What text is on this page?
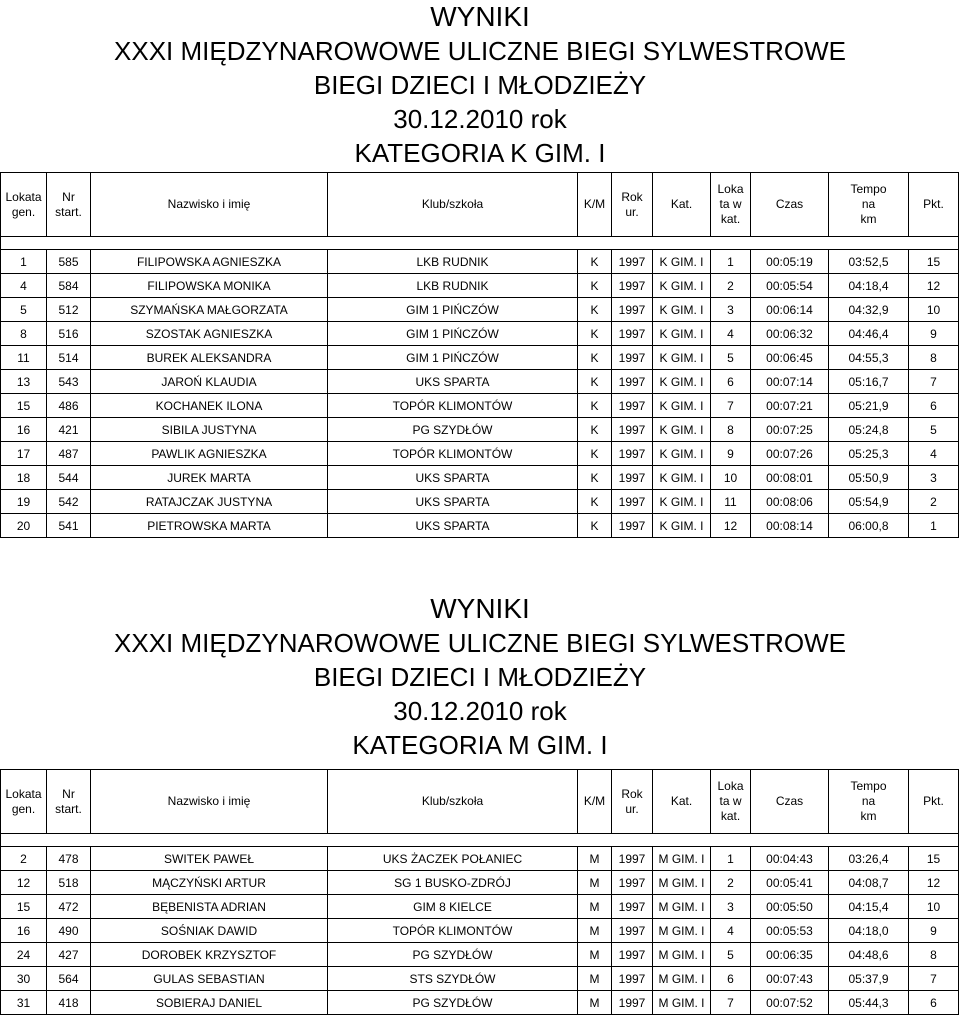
WYNIKI
XXXI MIĘDZYNAROWOWE ULICZNE BIEGI SYLWESTROWE
BIEGI DZIECI I MŁODZIEŻY
30.12.2010 rok
KATEGORIA K GIM. I
Lokata
gen.	Nr
start.	Nazwisko i imię	Klub/szkoła	K/M	Rok
ur.	Kat.	Loka
ta w
kat.	Czas	Tempo
na
km	Pkt.

1	585	FILIPOWSKA AGNIESZKA	LKB RUDNIK	K	1997	K GIM. I	1	00:05:19	03:52,5	15
4	584	FILIPOWSKA MONIKA	LKB RUDNIK	K	1997	K GIM. I	2	00:05:54	04:18,4	12
5	512	SZYMAŃSKA MAŁGORZATA	GIM 1 PIŃCZÓW	K	1997	K GIM. I	3	00:06:14	04:32,9	10
8	516	SZOSTAK AGNIESZKA	GIM 1 PIŃCZÓW	K	1997	K GIM. I	4	00:06:32	04:46,4	9
11	514	BUREK ALEKSANDRA	GIM 1 PIŃCZÓW	K	1997	K GIM. I	5	00:06:45	04:55,3	8
13	543	JAROŃ KLAUDIA	UKS SPARTA	K	1997	K GIM. I	6	00:07:14	05:16,7	7
15	486	KOCHANEK ILONA	TOPÓR KLIMONTÓW	K	1997	K GIM. I	7	00:07:21	05:21,9	6
16	421	SIBILA JUSTYNA	PG SZYDŁÓW	K	1997	K GIM. I	8	00:07:25	05:24,8	5
17	487	PAWLIK AGNIESZKA	TOPÓR KLIMONTÓW	K	1997	K GIM. I	9	00:07:26	05:25,3	4
18	544	JUREK MARTA	UKS SPARTA	K	1997	K GIM. I	10	00:08:01	05:50,9	3
19	542	RATAJCZAK JUSTYNA	UKS SPARTA	K	1997	K GIM. I	11	00:08:06	05:54,9	2
20	541	PIETROWSKA MARTA	UKS SPARTA	K	1997	K GIM. I	12	00:08:14	06:00,8	1
WYNIKI
XXXI MIĘDZYNAROWOWE ULICZNE BIEGI SYLWESTROWE
BIEGI DZIECI I MŁODZIEŻY
30.12.2010 rok
KATEGORIA M GIM. I
Lokata
gen.	Nr
start.	Nazwisko i imię	Klub/szkoła	K/M	Rok
ur.	Kat.	Loka
ta w
kat.	Czas	Tempo
na
km	Pkt.

2	478	SWITEK PAWEŁ	UKS ŻACZEK POŁANIEC	M	1997	M GIM. I	1	00:04:43	03:26,4	15
12	518	MĄCZYŃSKI ARTUR	SG 1 BUSKO-ZDRÓJ	M	1997	M GIM. I	2	00:05:41	04:08,7	12
15	472	BĘBENISTA ADRIAN	GIM 8 KIELCE	M	1997	M GIM. I	3	00:05:50	04:15,4	10
16	490	SOŚNIAK DAWID	TOPÓR KLIMONTÓW	M	1997	M GIM. I	4	00:05:53	04:18,0	9
24	427	DOROBEK KRZYSZTOF	PG SZYDŁÓW	M	1997	M GIM. I	5	00:06:35	04:48,6	8
30	564	GULAS SEBASTIAN	STS SZYDŁÓW	M	1997	M GIM. I	6	00:07:43	05:37,9	7
31	418	SOBIERAJ DANIEL	PG SZYDŁÓW	M	1997	M GIM. I	7	00:07:52	05:44,3	6
